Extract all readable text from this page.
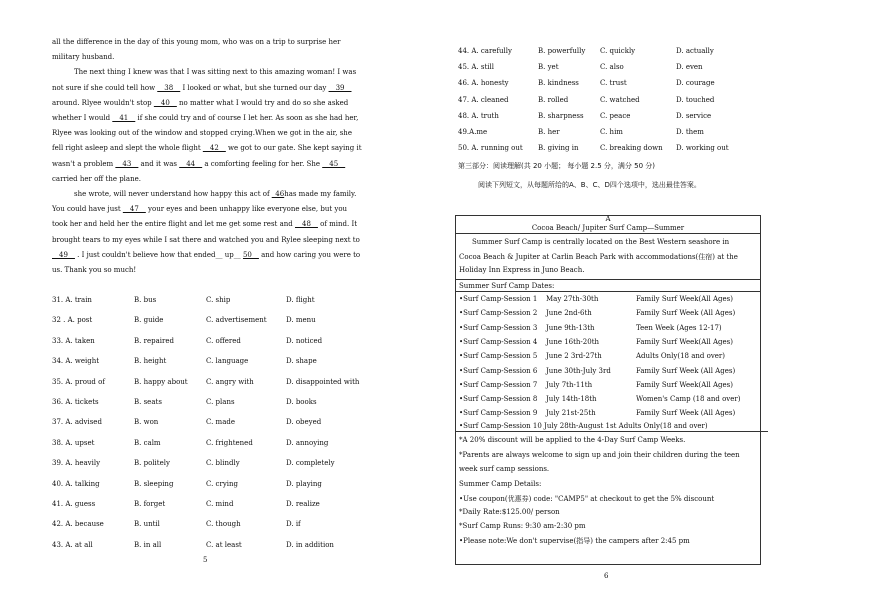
all the difference in the day of this young mom, who was on a trip to surprise her military husband.

The next thing I knew was that I was sitting next to this amazing woman! I was not sure if she could tell how __38__ I looked or what, but she turned our day __39__ around. Rlyee wouldn't stop __40__ no matter what I would try and do so she asked whether I would __41__ if she could try and of course I let her. As soon as she had her, Rlyee was looking out of the window and stopped crying.When we got in the air, she fell right asleep and slept the whole flight __42__ we got to our gate. She kept saying it wasn't a problem __43__ and it was __44__ a comforting feeling for her. She __45__ carried her off the plane.

she wrote, will never understand how happy this act of _46has made my family. You could have just __47__ your eyes and been unhappy like everyone else, but you took her and held her the entire flight and let me get some rest and __48__ of mind. It brought tears to my eyes while I sat there and watched you and Rylee sleeping next to __49__ . I just couldn't believe how that ended__ up__ 50__ and how caring you were to us. Thank you so much!

31. A. train	B. bus	C. ship	D. flight
32 . A. post	B. guide	C. advertisement	D. menu
33. A. taken	B. repaired	C. offered	D. noticed
34. A. weight	B. height	C. language	D. shape
35. A. proud of	B. happy about	C. angry with	D. disappointed with
36. A. tickets	B. seats	C. plans	D. books
37. A. advised	B. won	C. made	D. obeyed
38. A. upset	B. calm	C. frightened	D. annoying
39. A. heavily	B. politely	C. blindly	D. completely
40. A. talking	B. sleeping	C. crying	D. playing
41. A. guess	B. forget	C. mind	D. realize
42. A. because	B. until	C. though	D. if
43. A. at all	B. in all	C. at least	D. in addition
5
44. A. carefully	B. powerfully C. quickly	D. actually
45. A. still	B. yet	C. also	D. even
46. A. honesty	B. kindness	C. trust	D. courage
47. A. cleaned	B. rolled	C. watched	D. touched
48. A. truth	B. sharpness C. peace	D. service
49.A.me	B. her	C. him	D. them
50. A. running out B. giving in	C. breaking down D. working out
第三部分：阅读理解(共 20 小题； 每小题 2.5 分，满分 50 分)
阅读下列短文，从每题所给的A、B、C、D四个选项中，选出最佳答案。
A
Cocoa Beach/ Jupiter Surf Camp—Summer
Summer Surf Camp is centrally located on the Best Western seashore in
Cocoa Beach & Jupiter at Carlin Beach Park with accommodations(住宿) at the
Holiday Inn Express in Juno Beach.
Summer Surf Camp Dates:
•Surf Camp-Session 1 May 27th-30th	Family Surf Week(All Ages)
•Surf Camp-Session 2 June 2nd-6th	Family Surf Week (All Ages)
•Surf Camp-Session 3 June 9th-13th	Teen Week (Ages 12-17)
•Surf Camp-Session 4 June 16th-20th	Family Surf Week(All Ages)
•Surf Camp-Session 5 June 2 3rd-27th	Adults Only(18 and over)
•Surf Camp-Session 6 June 30th-July 3rd	Family Surf Week (All Ages)
•Surf Camp-Session 7 July 7th-11th	Family Surf Week(All Ages)
•Surf Camp-Session 8 July 14th-18th	Women's Camp (18 and over)
•Surf Camp-Session 9 July 21st-25th	Family Surf Week (All Ages)
•Surf Camp-Session 10 July 28th-August 1st Adults Only(18 and over)
*A 20% discount will be applied to the 4-Day Surf Camp Weeks.
*Parents are always welcome to sign up and join their children during the teen
week surf camp sessions.
Summer Camp Details:
•Use coupon(优惠券) code: "CAMP5" at checkout to get the 5% discount
*Daily Rate:$125.00/ person
*Surf Camp Runs: 9:30 am-2:30 pm
•Please note:We don't supervise(指导) the campers after 2:45 pm
6
